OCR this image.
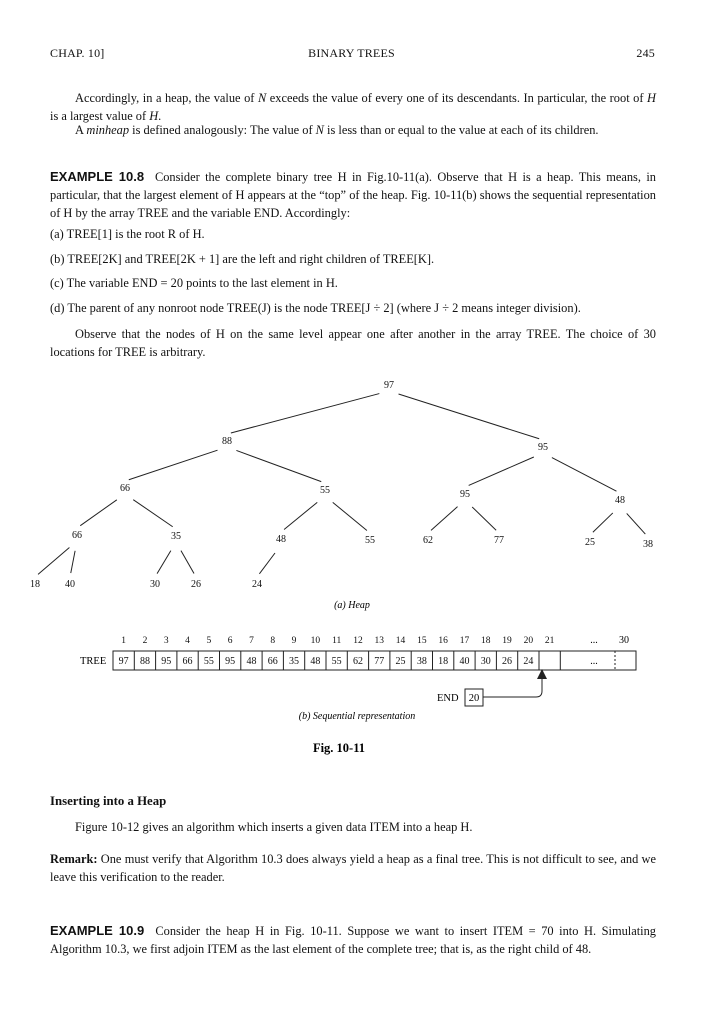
CHAP. 10]	BINARY TREES	245
Accordingly, in a heap, the value of N exceeds the value of every one of its descendants. In particular, the root of H is a largest value of H.
A minheap is defined analogously: The value of N is less than or equal to the value at each of its children.
EXAMPLE 10.8 Consider the complete binary tree H in Fig.10-11(a). Observe that H is a heap. This means, in particular, that the largest element of H appears at the “top” of the heap. Fig. 10-11(b) shows the sequential representation of H by the array TREE and the variable END. Accordingly:
(a) TREE[1] is the root R of H.
(b) TREE[2K] and TREE[2K + 1] are the left and right children of TREE[K].
(c) The variable END = 20 points to the last element in H.
(d) The parent of any nonroot node TREE(J) is the node TREE[J ÷ 2] (where J ÷ 2 means integer division).
Observe that the nodes of H on the same level appear one after another in the array TREE. The choice of 30 locations for TREE is arbitrary.
97
88
95
66	55	95
48
66	35	48	55	62	77	25	38
18	40	30	26	24
(a) Heap
1 2 3 4 5 6 7 8 9 10 11 12 13 14 15 16 17 18 19 20 21	... 30
TREE 97 88 95 66 55 95 48 66 35 48 55 62 77 25 38 18 40 30 26 24	...
END 20
(b) Sequential representation
Fig. 10-11
Inserting into a Heap
Figure 10-12 gives an algorithm which inserts a given data ITEM into a heap H.
Remark: One must verify that Algorithm 10.3 does always yield a heap as a final tree. This is not difficult to see, and we leave this verification to the reader.
EXAMPLE 10.9 Consider the heap H in Fig. 10-11. Suppose we want to insert ITEM = 70 into H. Simulating Algorithm 10.3, we first adjoin ITEM as the last element of the complete tree; that is, as the right child of 48.
